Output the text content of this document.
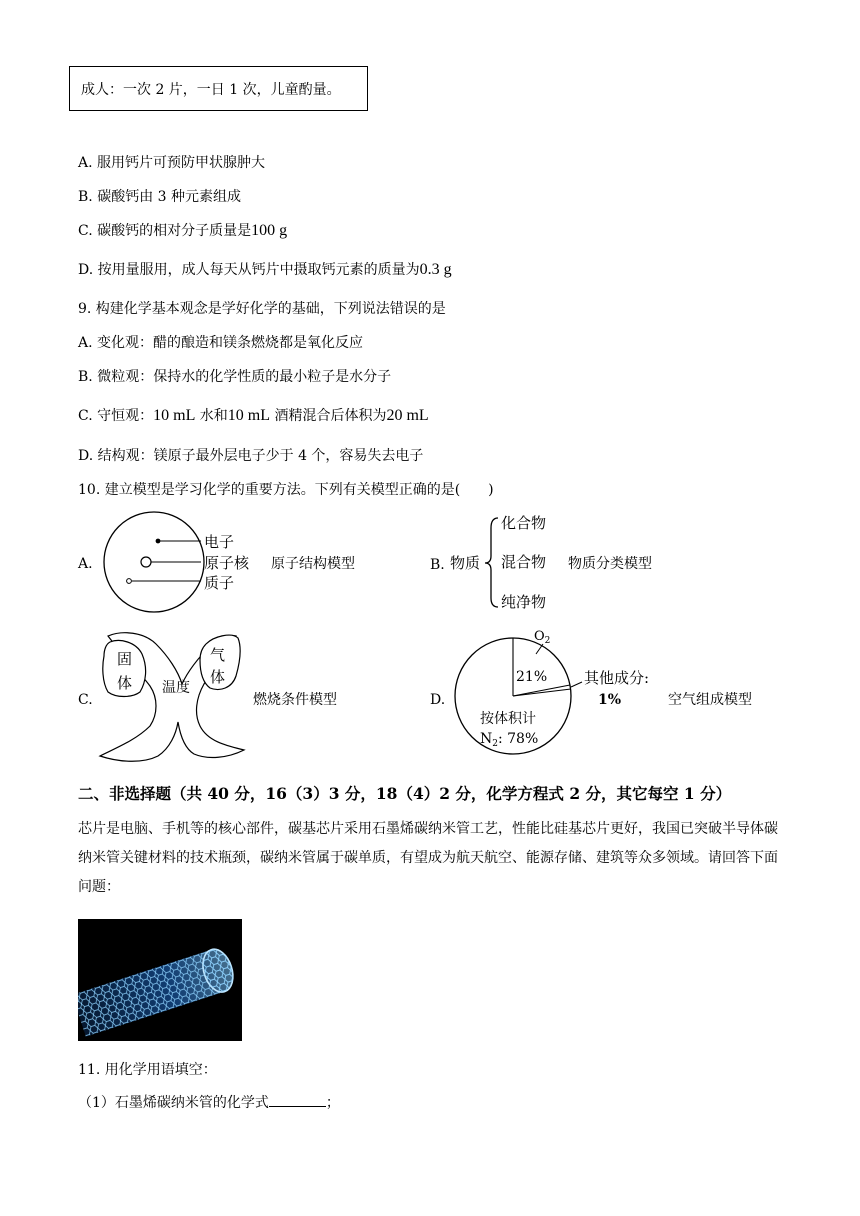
成人：一次 2 片，一日 1 次，儿童酌量。
A. 服用钙片可预防甲状腺肿大
B. 碳酸钙由 3 种元素组成
C. 碳酸钙的相对分子质量是100 g
D. 按用量服用，成人每天从钙片中摄取钙元素的质量为0.3 g
9. 构建化学基本观念是学好化学的基础，下列说法错误的是
A. 变化观：醋的酿造和镁条燃烧都是氧化反应
B. 微粒观：保持水的化学性质的最小粒子是水分子
C. 守恒观：10 mL 水和10 mL 酒精混合后体积为20 mL
D. 结构观：镁原子最外层电子少于 4 个，容易失去电子
10. 建立模型是学习化学的重要方法。下列有关模型正确的是(　　)
A.
电子
原子核
质子
原子结构模型	B. 物质
化合物
混合物
纯净物
物质分类模型
C.
固
体
气
体
温度
燃烧条件模型	D.
$O_2$
21% 其他成分:
1%
按体积计
$N_2$: 78%
空气组成模型
二、非选择题（共 40 分，16（3）3 分，18（4）2 分，化学方程式 2 分，其它每空 1 分）
芯片是电脑、手机等的核心部件，碳基芯片采用石墨烯碳纳米管工艺，性能比硅基芯片更好，我国已突破半导体碳纳米管关键材料的技术瓶颈，碳纳米管属于碳单质，有望成为航天航空、能源存储、建筑等众多领域。请回答下面问题：
11. 用化学用语填空：
（1）石墨烯碳纳米管的化学式	；
